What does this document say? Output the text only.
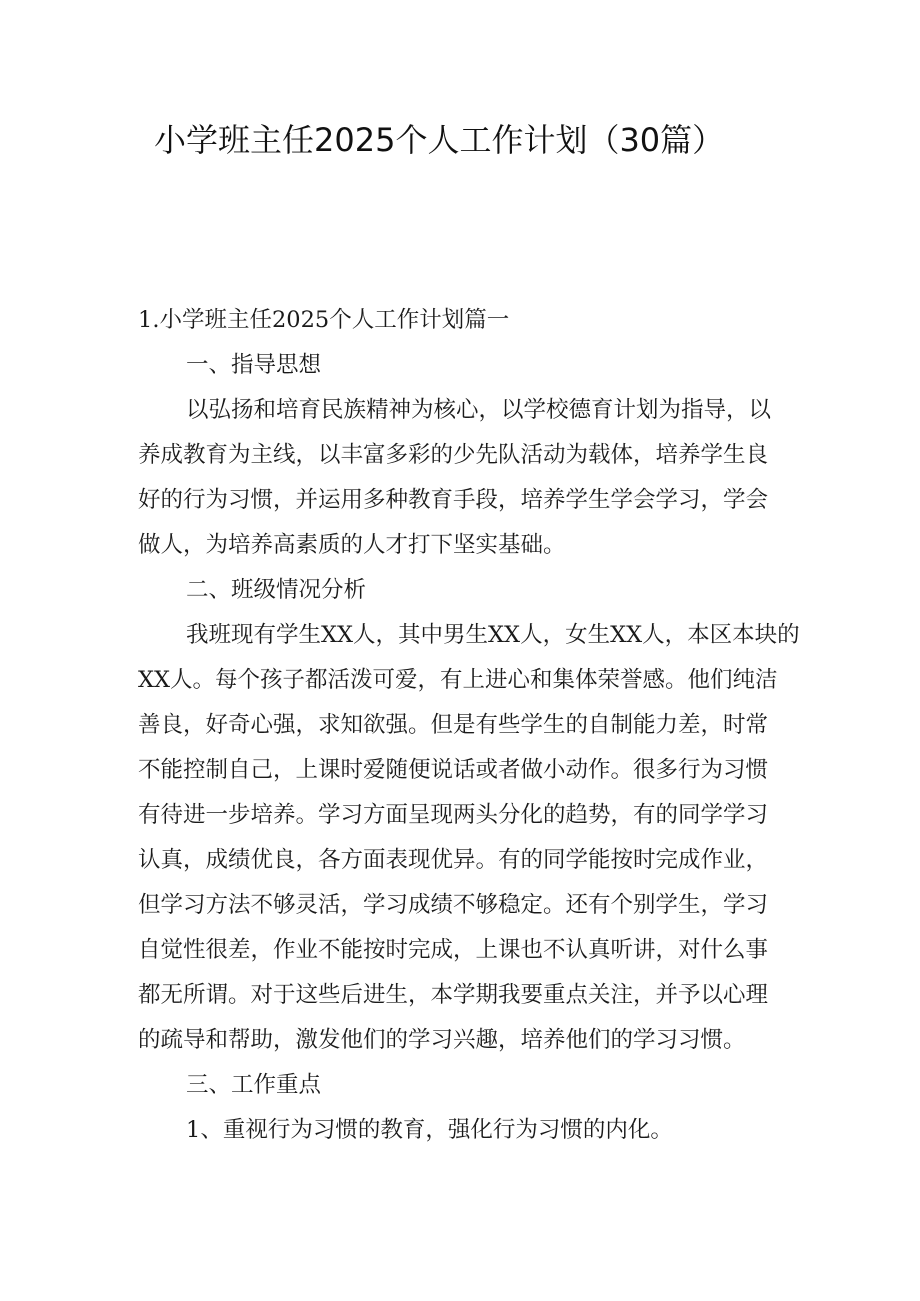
小学班主任2025个人工作计划（30篇）

1.小学班主任2025个人工作计划篇一

一、指导思想

以弘扬和培育民族精神为核心，以学校德育计划为指导，以

养成教育为主线，以丰富多彩的少先队活动为载体，培养学生良

好的行为习惯，并运用多种教育手段，培养学生学会学习，学会

做人，为培养高素质的人才打下坚实基础。

二、班级情况分析

我班现有学生XX人，其中男生XX人，女生XX人，本区本块的

XX人。每个孩子都活泼可爱，有上进心和集体荣誉感。他们纯洁

善良，好奇心强，求知欲强。但是有些学生的自制能力差，时常

不能控制自己，上课时爱随便说话或者做小动作。很多行为习惯

有待进一步培养。学习方面呈现两头分化的趋势，有的同学学习

认真，成绩优良，各方面表现优异。有的同学能按时完成作业，

但学习方法不够灵活，学习成绩不够稳定。还有个别学生，学习

自觉性很差，作业不能按时完成，上课也不认真听讲，对什么事

都无所谓。对于这些后进生，本学期我要重点关注，并予以心理

的疏导和帮助，激发他们的学习兴趣，培养他们的学习习惯。

三、工作重点

1、重视行为习惯的教育，强化行为习惯的内化。
